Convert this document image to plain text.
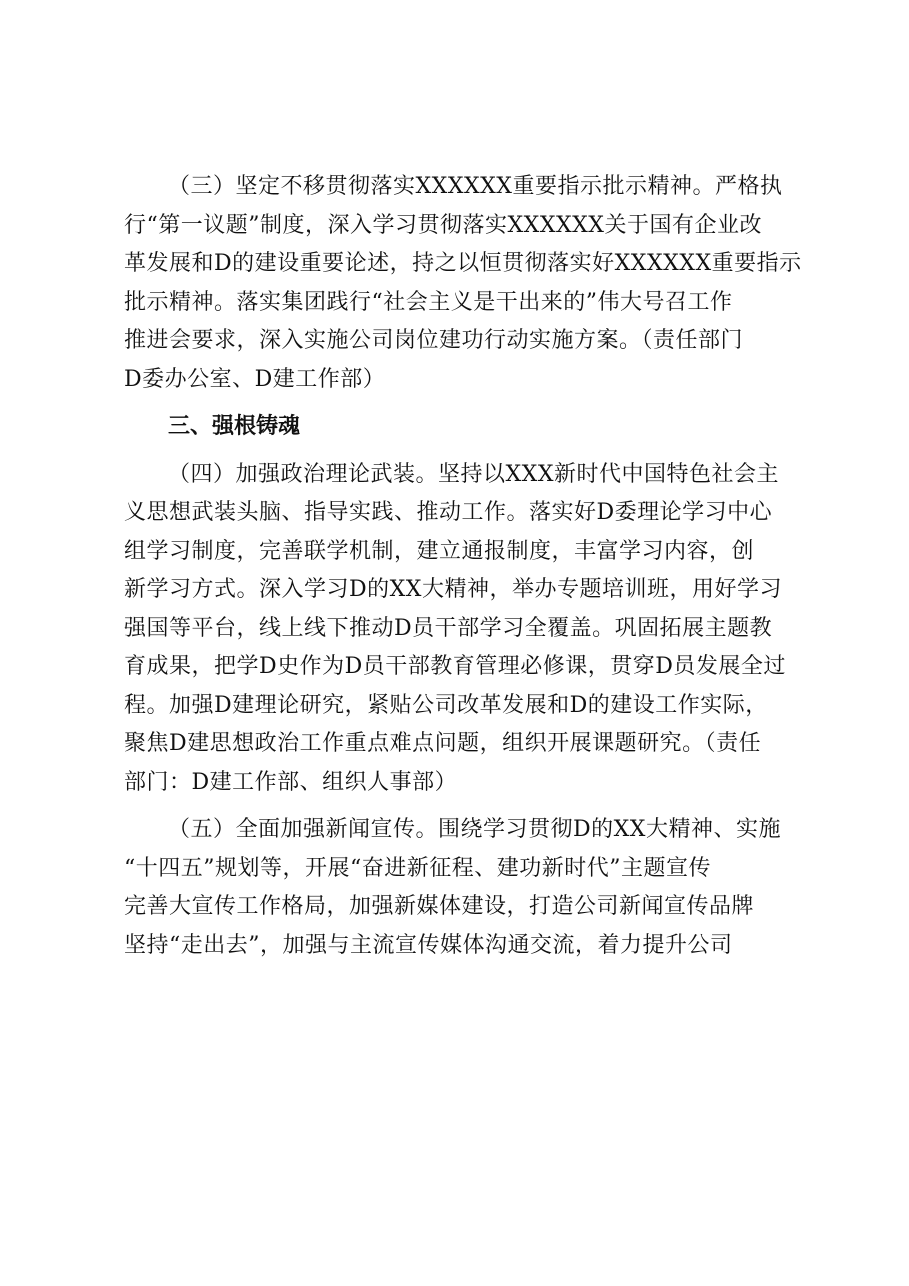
（三）坚定不移贯彻落实XXXXXX重要指示批示精神。严格执
行“第一议题”制度，深入学习贯彻落实XXXXXX关于国有企业改
革发展和D的建设重要论述，持之以恒贯彻落实好XXXXXX重要指示
批示精神。落实集团践行“社会主义是干出来的”伟大号召工作
推进会要求，深入实施公司岗位建功行动实施方案。（责任部门
D委办公室、D建工作部）
三、强根铸魂
（四）加强政治理论武装。坚持以XXX新时代中国特色社会主
义思想武装头脑、指导实践、推动工作。落实好D委理论学习中心
组学习制度，完善联学机制，建立通报制度，丰富学习内容，创
新学习方式。深入学习D的XX大精神，举办专题培训班，用好学习
强国等平台，线上线下推动D员干部学习全覆盖。巩固拓展主题教
育成果，把学D史作为D员干部教育管理必修课，贯穿D员发展全过
程。加强D建理论研究，紧贴公司改革发展和D的建设工作实际，
聚焦D建思想政治工作重点难点问题，组织开展课题研究。（责任
部门：D建工作部、组织人事部）
（五）全面加强新闻宣传。围绕学习贯彻D的XX大精神、实施
“十四五”规划等，开展“奋进新征程、建功新时代”主题宣传
完善大宣传工作格局，加强新媒体建设，打造公司新闻宣传品牌
坚持“走出去”，加强与主流宣传媒体沟通交流，着力提升公司
